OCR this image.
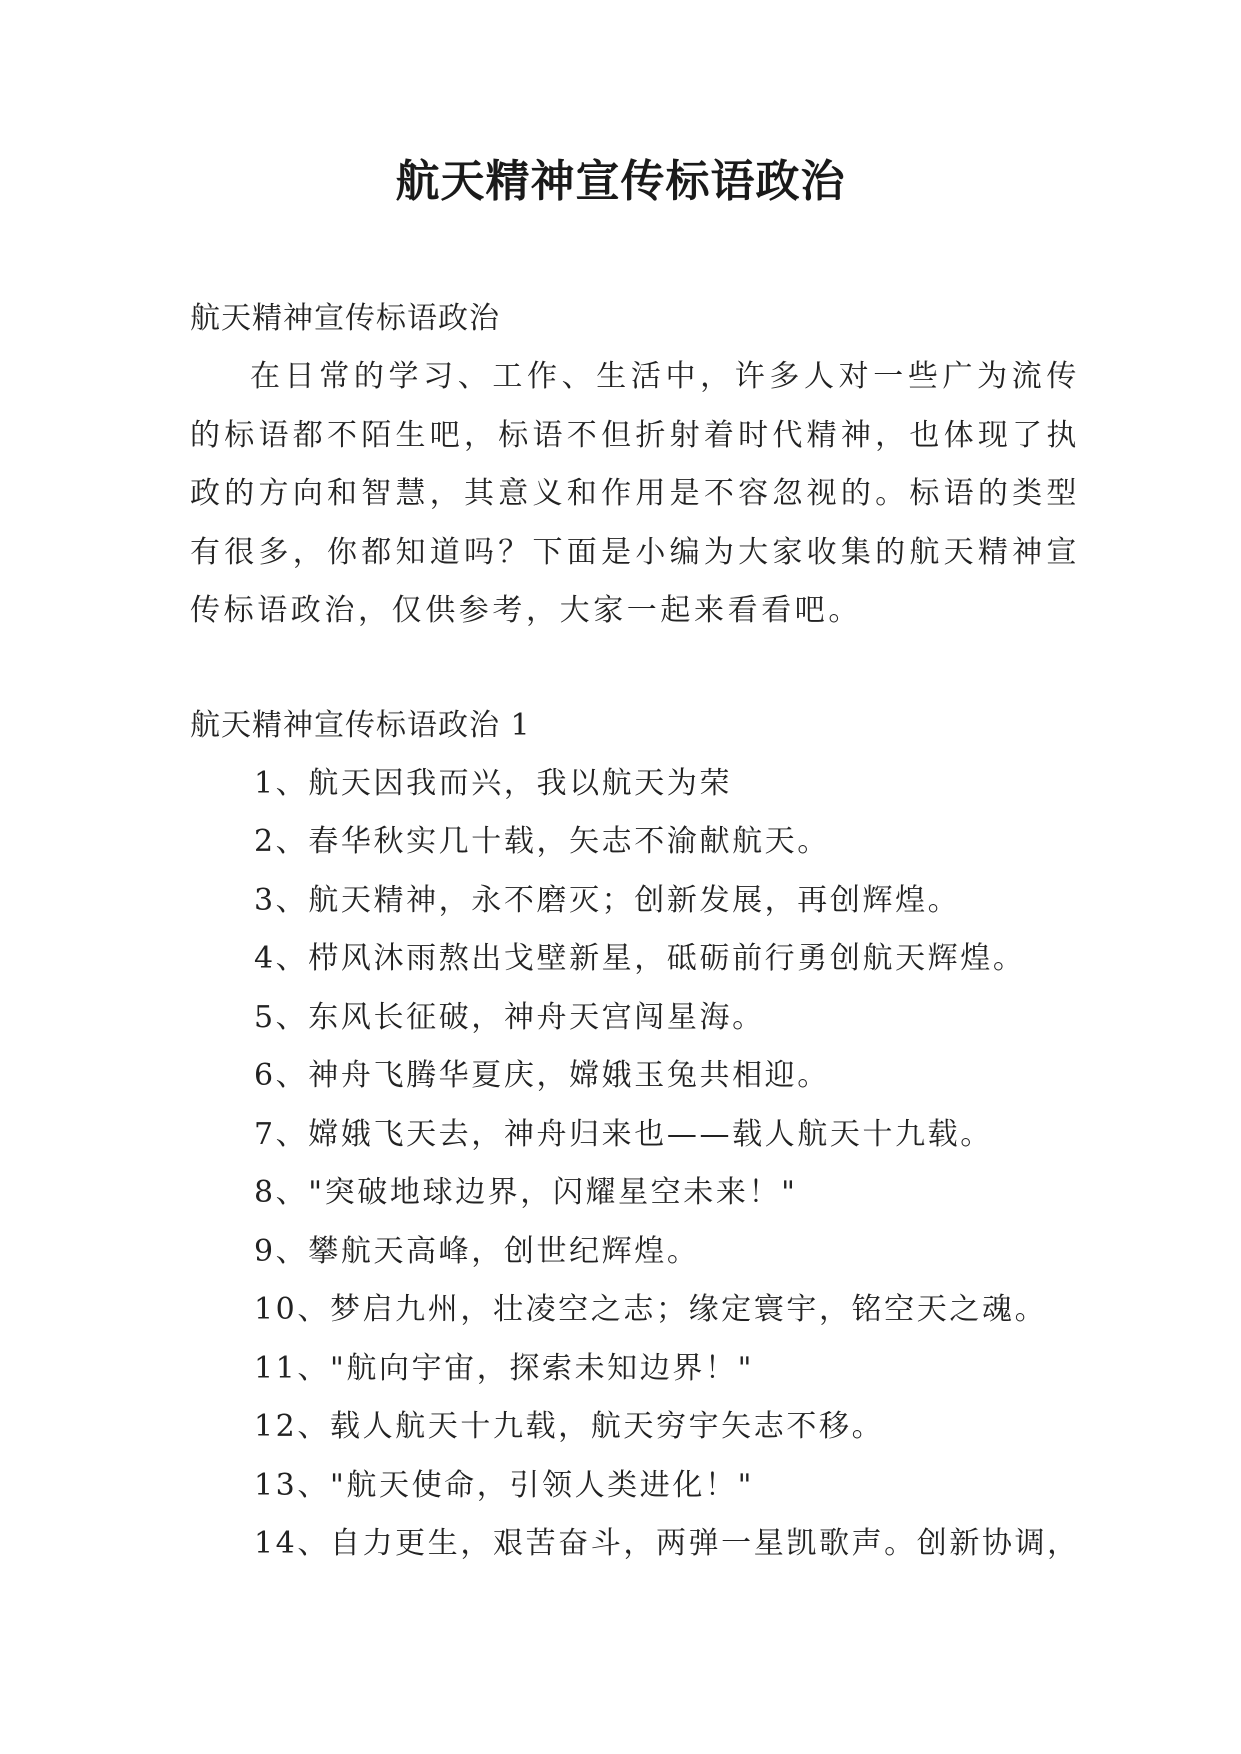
航天精神宣传标语政治

航天精神宣传标语政治

在日常的学习、工作、生活中，许多人对一些广为流传的标语都不陌生吧，标语不但折射着时代精神，也体现了执政的方向和智慧，其意义和作用是不容忽视的。标语的类型有很多，你都知道吗？下面是小编为大家收集的航天精神宣传标语政治，仅供参考，大家一起来看看吧。

航天精神宣传标语政治 1

1、航天因我而兴，我以航天为荣
2、春华秋实几十载，矢志不渝献航天。
3、航天精神，永不磨灭；创新发展，再创辉煌。
4、栉风沐雨熬出戈壁新星，砥砺前行勇创航天辉煌。
5、东风长征破，神舟天宫闯星海。
6、神舟飞腾华夏庆，嫦娥玉兔共相迎。
7、嫦娥飞天去，神舟归来也——载人航天十九载。
8、"突破地球边界，闪耀星空未来！"
9、攀航天高峰，创世纪辉煌。
10、梦启九州，壮凌空之志；缘定寰宇，铭空天之魂。
11、"航向宇宙，探索未知边界！"
12、载人航天十九载，航天穷宇矢志不移。
13、"航天使命，引领人类进化！"
14、自力更生，艰苦奋斗，两弹一星凯歌声。创新协调，
